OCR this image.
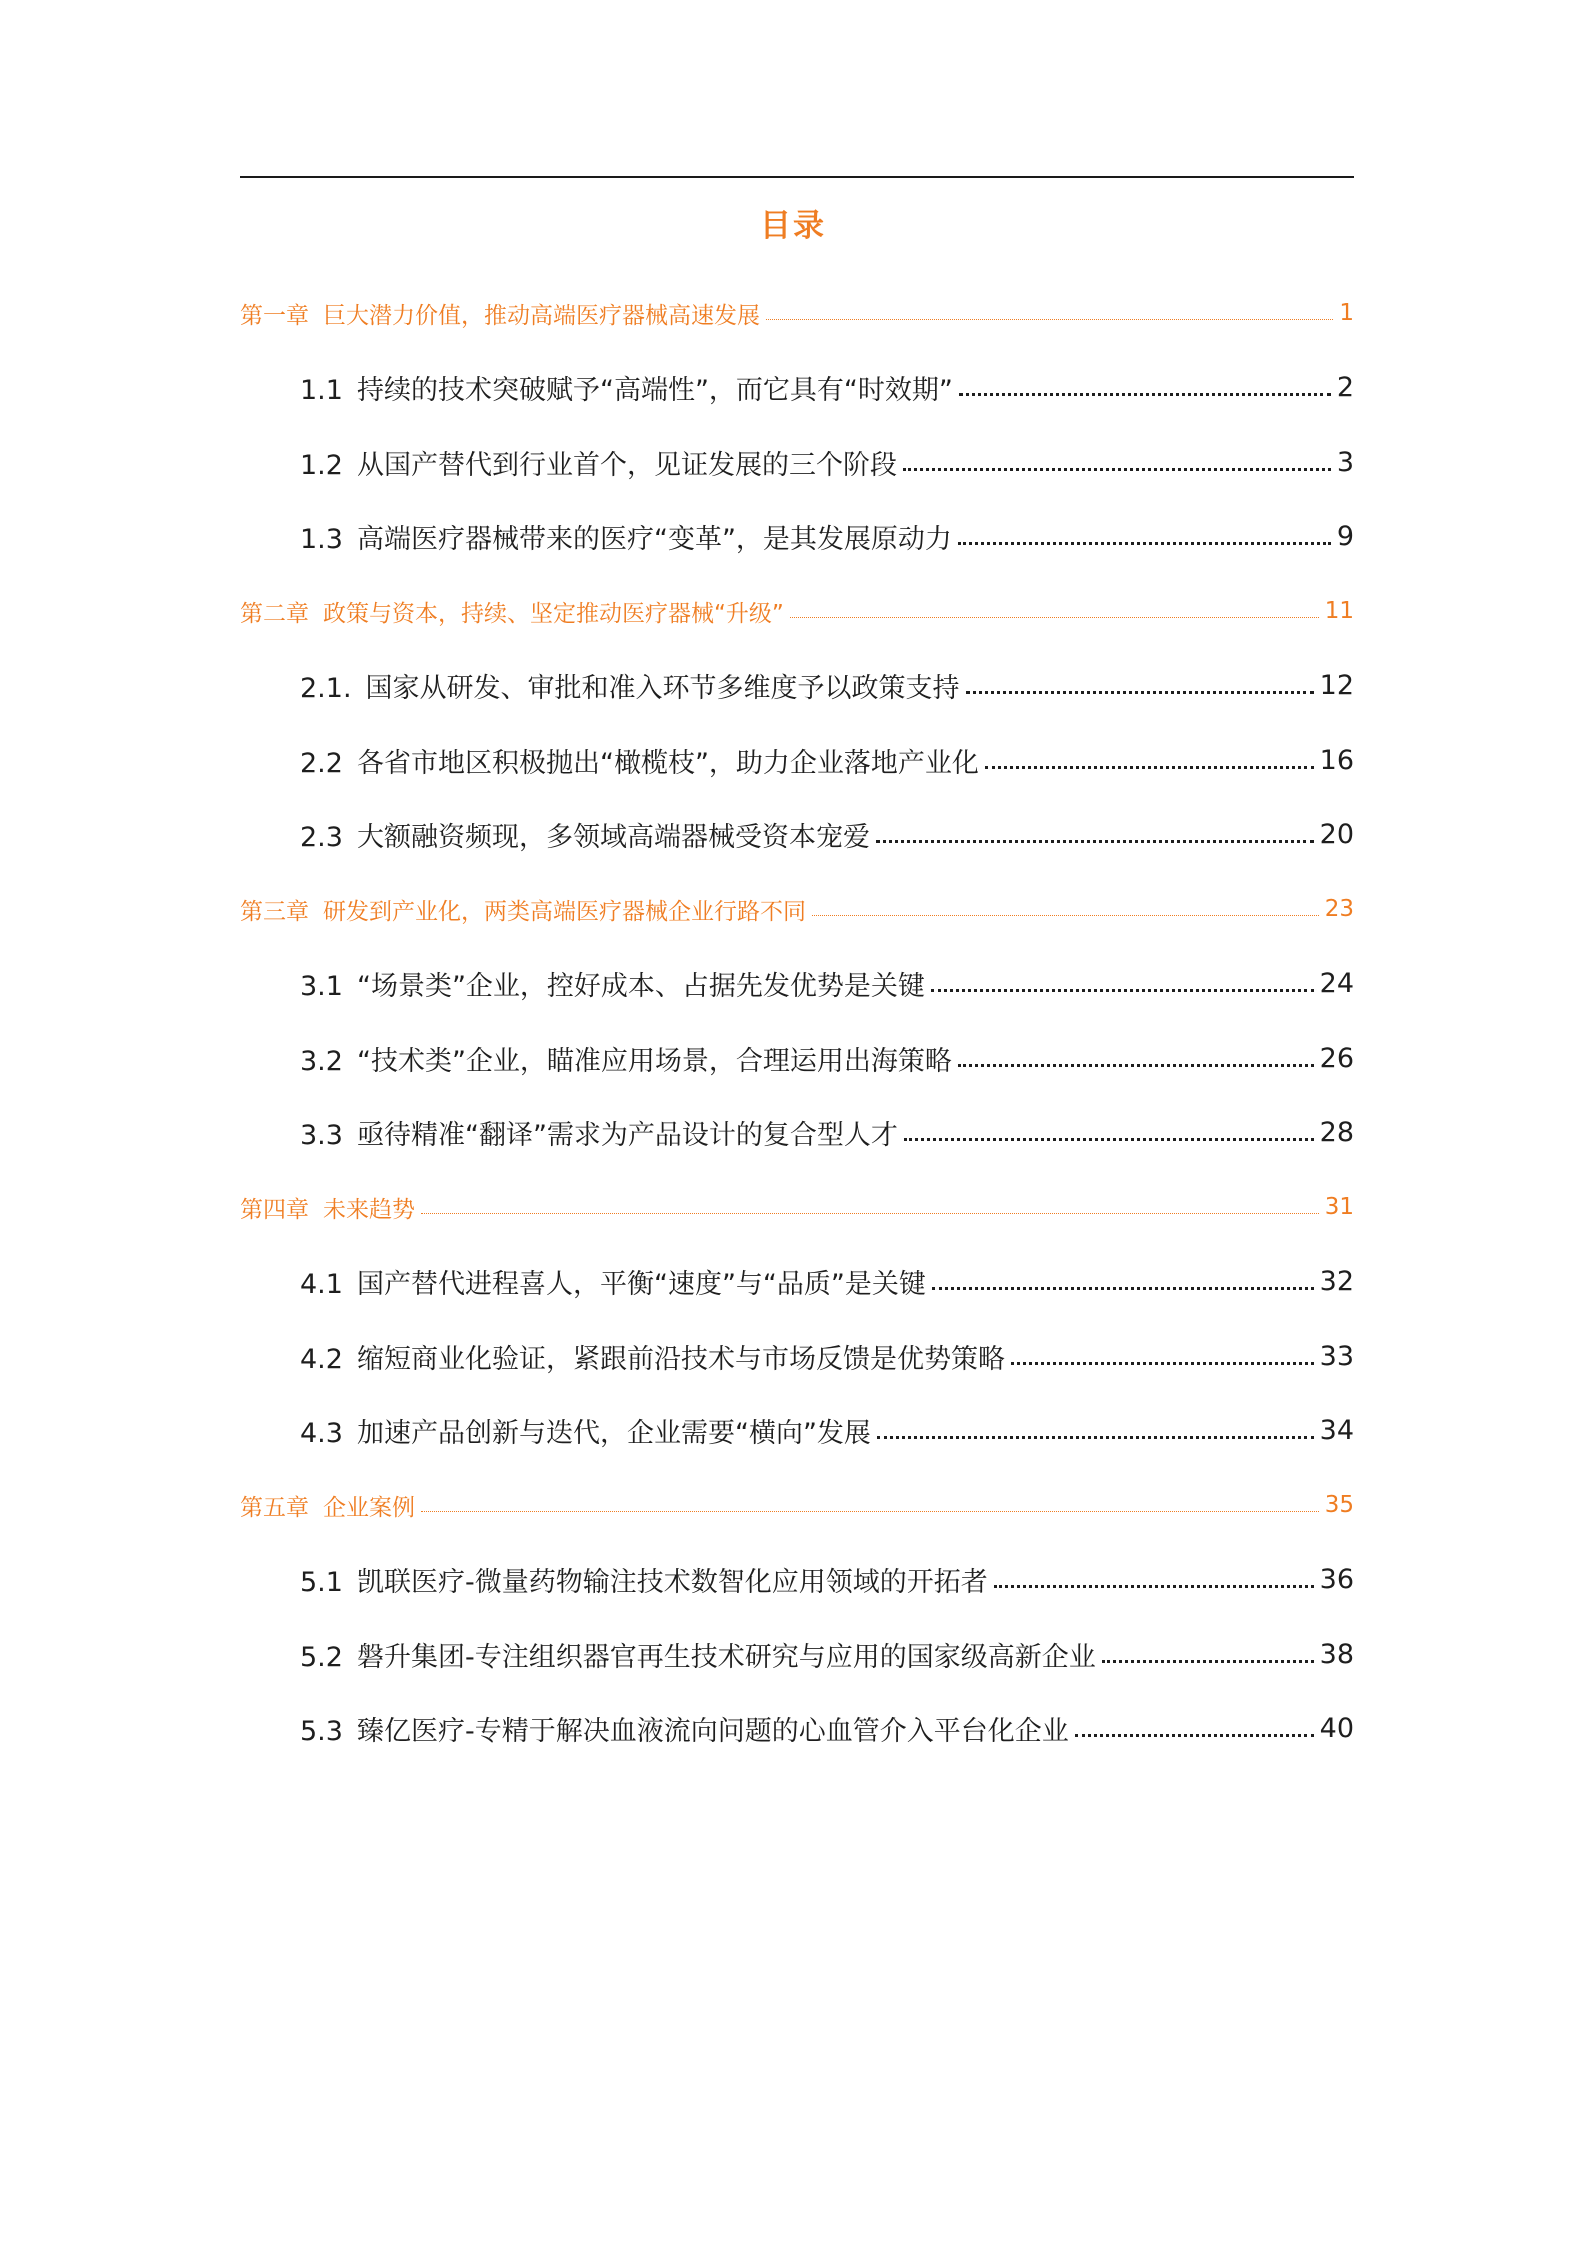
目录
第一章 巨大潜力价值，推动高端医疗器械高速发展	1
1.1 持续的技术突破赋予“高端性”，而它具有“时效期”	2
1.2 从国产替代到行业首个，见证发展的三个阶段	3
1.3 高端医疗器械带来的医疗“变革”，是其发展原动力	9
第二章 政策与资本，持续、坚定推动医疗器械“升级”	11
2.1. 国家从研发、审批和准入环节多维度予以政策支持	12
2.2 各省市地区积极抛出“橄榄枝”，助力企业落地产业化	16
2.3 大额融资频现，多领域高端器械受资本宠爱	20
第三章 研发到产业化，两类高端医疗器械企业行路不同	23
3.1 “场景类”企业，控好成本、占据先发优势是关键	24
3.2 “技术类”企业，瞄准应用场景，合理运用出海策略	26
3.3 亟待精准“翻译”需求为产品设计的复合型人才	28
第四章 未来趋势	31
4.1 国产替代进程喜人，平衡“速度”与“品质”是关键	32
4.2 缩短商业化验证，紧跟前沿技术与市场反馈是优势策略	33
4.3 加速产品创新与迭代，企业需要“横向”发展	34
第五章 企业案例	35
5.1 凯联医疗-微量药物输注技术数智化应用领域的开拓者	36
5.2 磐升集团-专注组织器官再生技术研究与应用的国家级高新企业	38
5.3 臻亿医疗-专精于解决血液流向问题的心血管介入平台化企业	40
